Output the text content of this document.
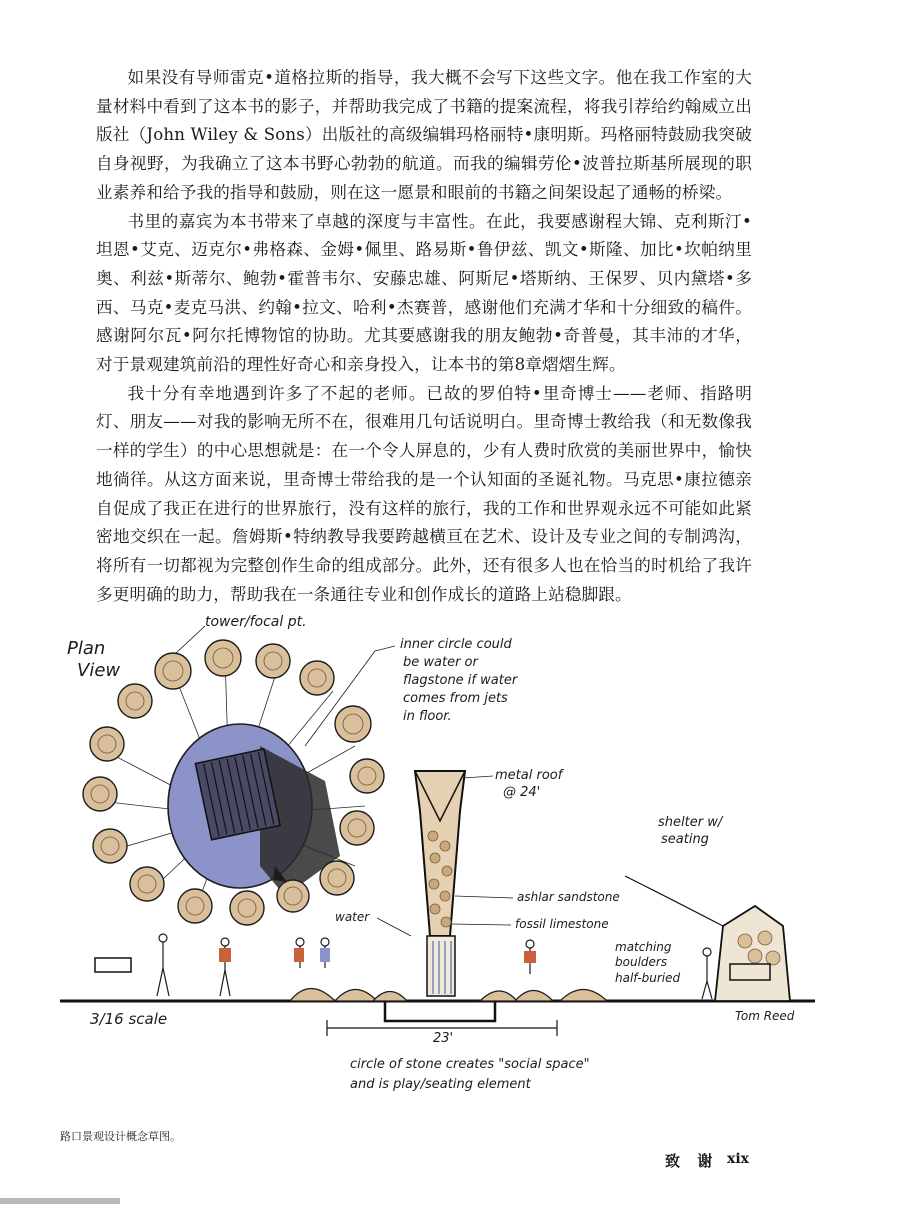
如果没有导师雷克•道格拉斯的指导，我大概不会写下这些文字。他在我工作室的大量材料中看到了这本书的影子，并帮助我完成了书籍的提案流程，将我引荐给约翰威立出版社（John Wiley & Sons）出版社的高级编辑玛格丽特•康明斯。玛格丽特鼓励我突破自身视野，为我确立了这本书野心勃勃的航道。而我的编辑劳伦•波普拉斯基所展现的职业素养和给予我的指导和鼓励，则在这一愿景和眼前的书籍之间架设起了通畅的桥梁。

书里的嘉宾为本书带来了卓越的深度与丰富性。在此，我要感谢程大锦、克利斯汀•坦恩•艾克、迈克尔•弗格森、金姆•佩里、路易斯•鲁伊兹、凯文•斯隆、加比•坎帕纳里奥、利兹•斯蒂尔、鲍勃•霍普韦尔、安藤忠雄、阿斯尼•塔斯纳、王保罗、贝内黛塔•多西、马克•麦克马洪、约翰•拉文、哈利•杰赛普，感谢他们充满才华和十分细致的稿件。感谢阿尔瓦•阿尔托博物馆的协助。尤其要感谢我的朋友鲍勃•奇普曼，其丰沛的才华，对于景观建筑前沿的理性好奇心和亲身投入，让本书的第8章熠熠生辉。

我十分有幸地遇到许多了不起的老师。已故的罗伯特•里奇博士——老师、指路明灯、朋友——对我的影响无所不在，很难用几句话说明白。里奇博士教给我（和无数像我一样的学生）的中心思想就是：在一个令人屏息的，少有人费时欣赏的美丽世界中，愉快地徜徉。从这方面来说，里奇博士带给我的是一个认知面的圣诞礼物。马克思•康拉德亲自促成了我正在进行的世界旅行，没有这样的旅行，我的工作和世界观永远不可能如此紧密地交织在一起。詹姆斯•特纳教导我要跨越横亘在艺术、设计及专业之间的专制鸿沟，将所有一切都视为完整创作生命的组成部分。此外，还有很多人也在恰当的时机给了我许多更明确的助力，帮助我在一条通往专业和创作成长的道路上站稳脚跟。

Plan
View
tower/focal pt.
inner circle could
be water or
flagstone if water
comes from jets
in floor.
metal roof
@ 24'
shelter w/
seating
ashlar sandstone
fossil limestone
water
matching
boulders
half-buried
3/16 scale
23'
circle of stone creates "social space"
and is play/seating element
Tom Reed
路口景观设计概念草图。
致 谢 xix
